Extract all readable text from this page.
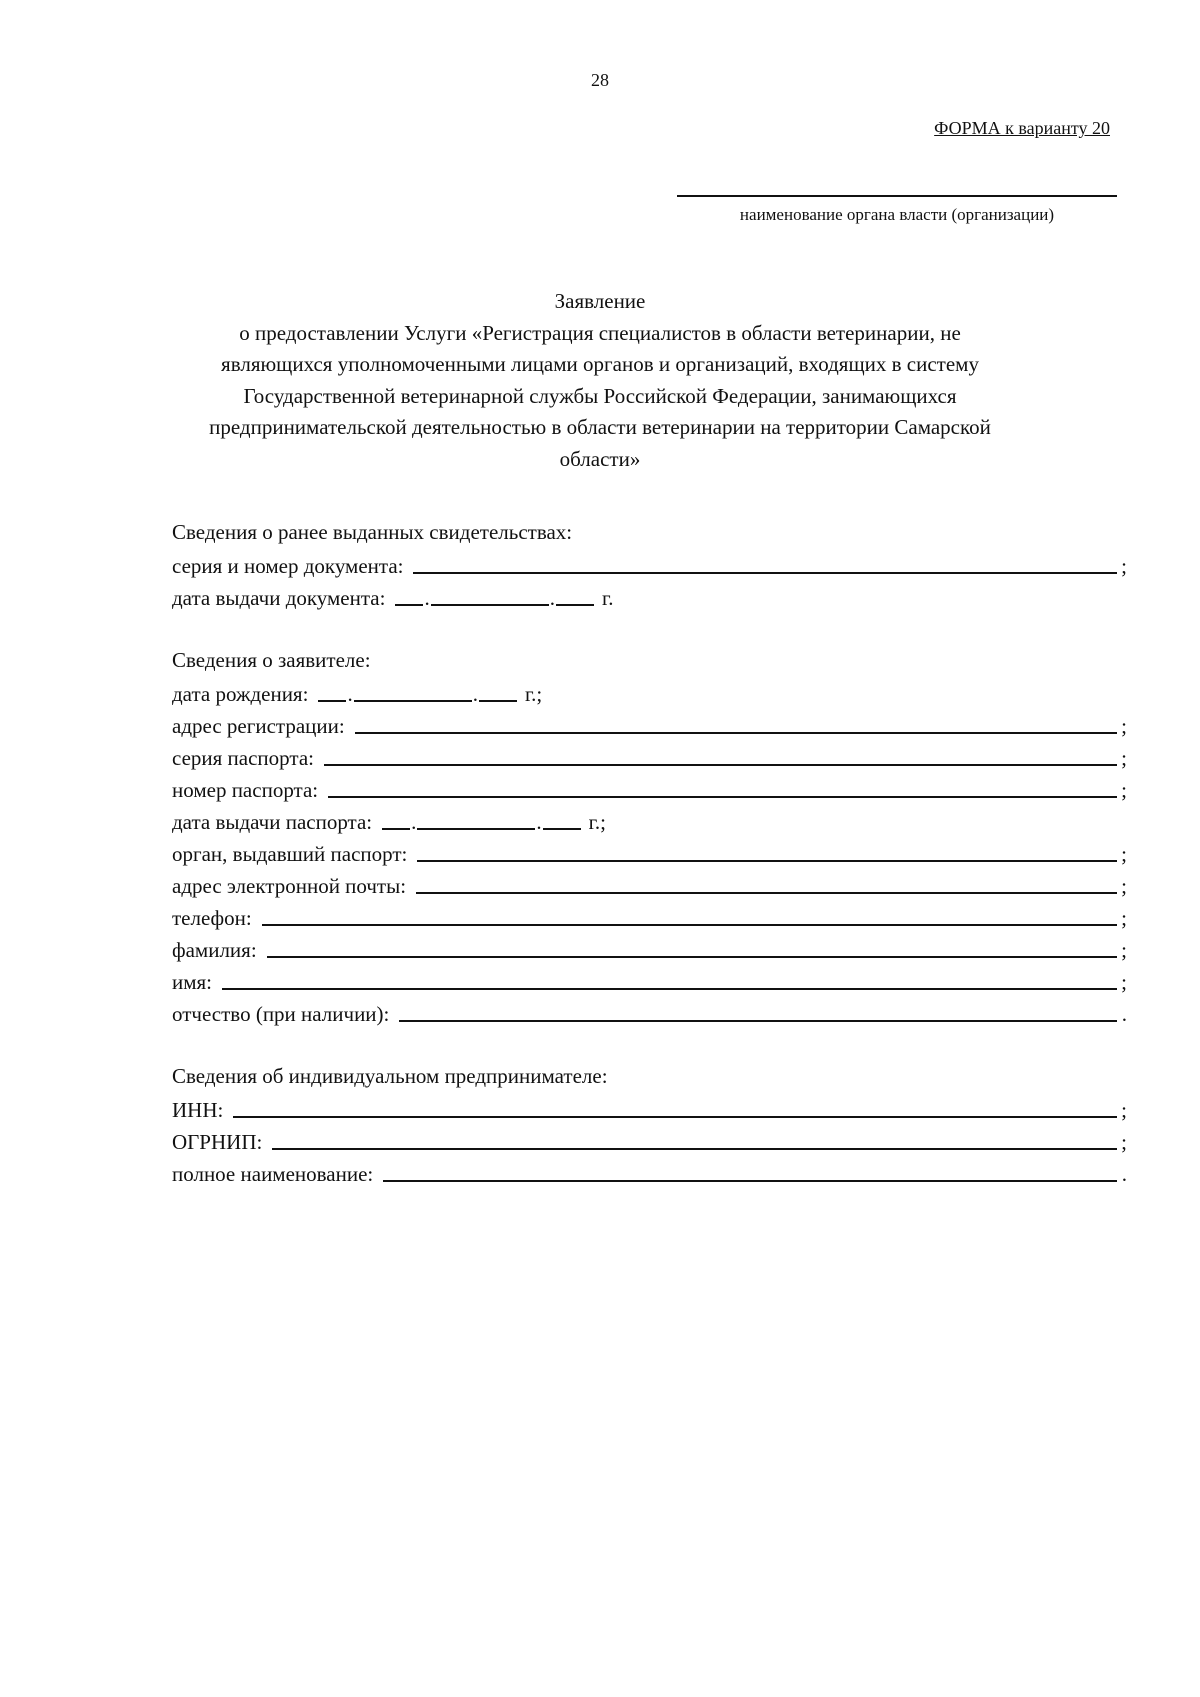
28
ФОРМА к варианту 20
наименование органа власти (организации)
Заявление
о предоставлении Услуги «Регистрация специалистов в области ветеринарии, не
являющихся уполномоченными лицами органов и организаций, входящих в систему
Государственной ветеринарной службы Российской Федерации, занимающихся
предпринимательской деятельностью в области ветеринарии на территории Самарской
области»
Сведения о ранее выданных свидетельствах:
серия и номер документа:	;
дата выдачи документа:	.	.	г.
Сведения о заявителе:
дата рождения:	.	.	г.;
адрес регистрации:	;
серия паспорта:	;
номер паспорта:	;
дата выдачи паспорта:	.	.	г.;
орган, выдавший паспорт:	;
адрес электронной почты:	;
телефон:	;
фамилия:	;
имя:	;
отчество (при наличии):	.
Сведения об индивидуальном предпринимателе:
ИНН:	;
ОГРНИП:	;
полное наименование:	.
